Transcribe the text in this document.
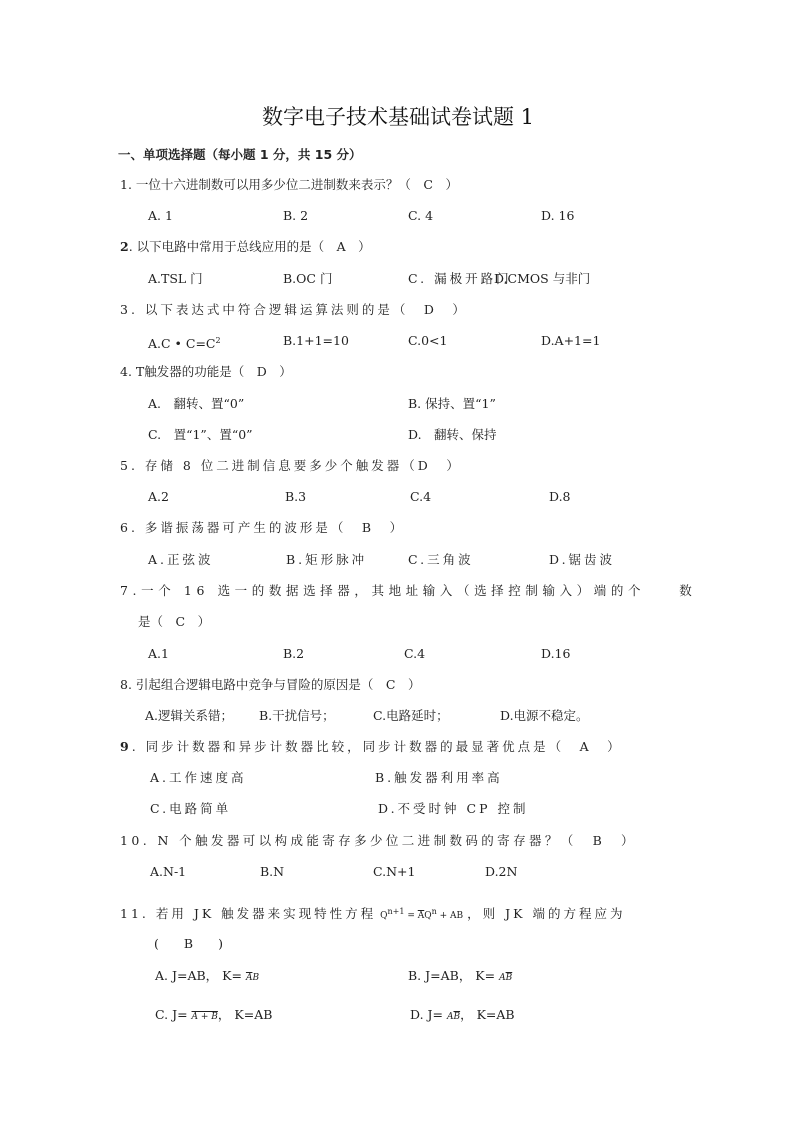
数字电子技术基础试卷试题 1
一、单项选择题（每小题 1 分，共 15 分）
1. 一位十六进制数可以用多少位二进制数来表示？（　C　）
A. 1	B. 2	C. 4	D. 16
2. 以下电路中常用于总线应用的是（　A　）
A.TSL 门	B.OC 门	C. 漏极开路门
D.CMOS 与非门
3. 以下表达式中符合逻辑运算法则的是（　D　）
A.C • $C=C^2$	B.1+1=10	C.0<1	D.A+1=1
4. T触发器的功能是（　D　）
A.　翻转、置“0”	B. 保持、置“1”
C.　置“1”、置“0”	D.　翻转、保持
5. 存储 8 位二进制信息要多少个触发器（D　）
A.2	B.3	C.4	D.8
6. 多谐振荡器可产生的波形是（　B　）
A.正弦波	B.矩形脉冲	C.三角波	D.锯齿波
7.一个 16 选一的数据选择器，其地址输入（选择控制输入）端的个　　数
是（　C　）
A.1	B.2	C.4	D.16
8. 引起组合逻辑电路中竞争与冒险的原因是（　C　）
A.逻辑关系错； B.干扰信号；	C.电路延时；	D.电源不稳定。
9. 同步计数器和异步计数器比较，同步计数器的最显著优点是（　A　）
A.工作速度高	B.触发器利用率高
C.电路简单	D.不受时钟 CP 控制
10. N 个触发器可以构成能寄存多少位二进制数码的寄存器？（　B　）
A.N-1	B.N	C.N+1	D.2N
11. 若用 JK 触发器来实现特性方程 $Q^{n+1} = \overline{A}Q^n$ + AB ，则 JK 端的方程应为
(　　B　　)
A. J=AB， $K= \overline{A}B$	B. J=AB， $K= A\overline{B}$
C. J= A + B， K=AB	D. $J= A\overline{B}$， K=AB
